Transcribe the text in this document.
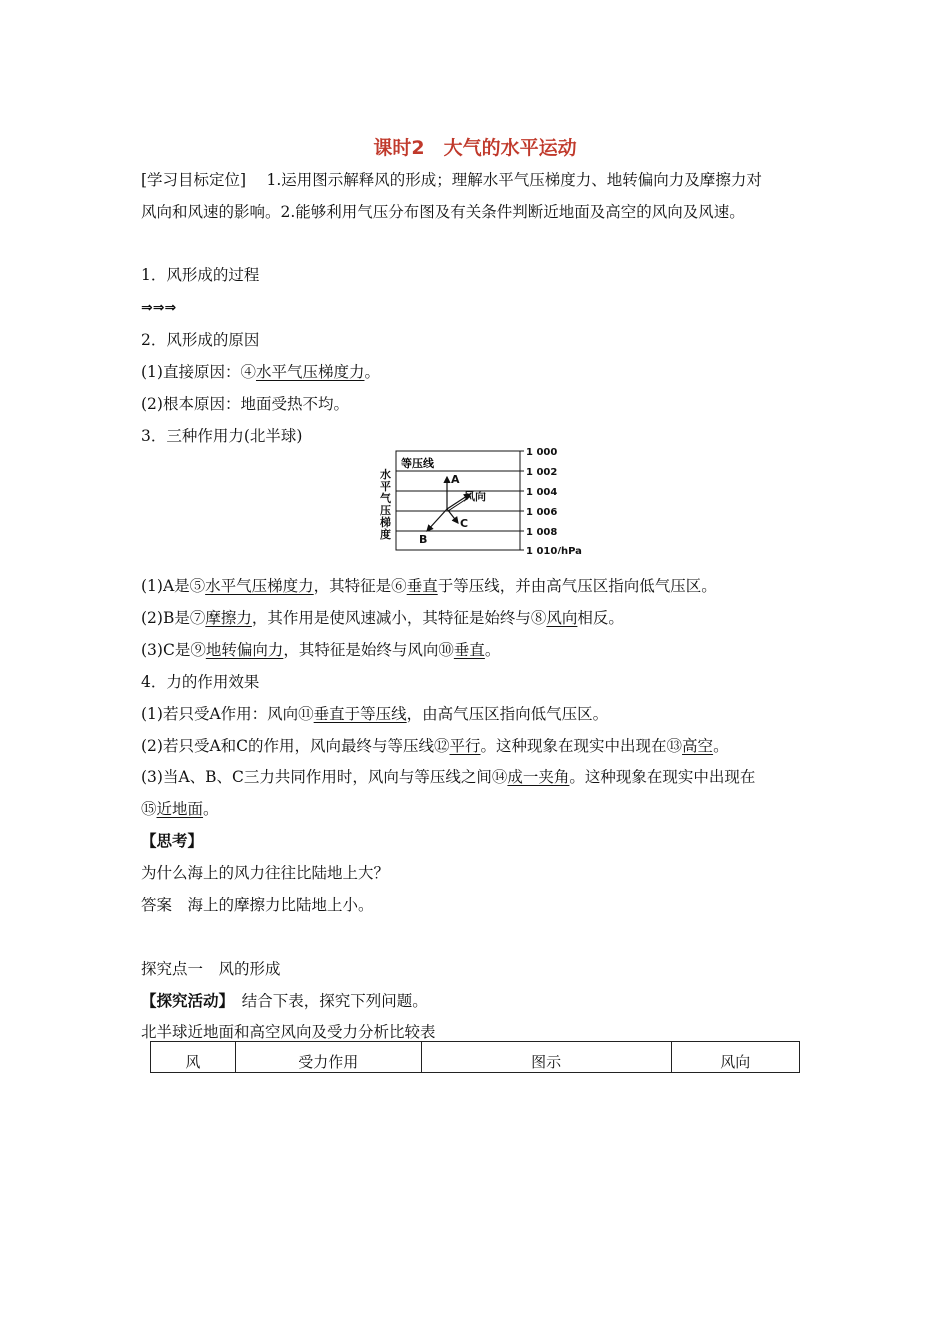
课时2　大气的水平运动
[学习目标定位]　 1.运用图示解释风的形成；理解水平气压梯度力、地转偏向力及摩擦力对
风向和风速的影响。2.能够利用气压分布图及有关条件判断近地面及高空的风向及风速。
1．风形成的过程
⇒⇒⇒
2．风形成的原因
(1)直接原因：④水平气压梯度力。
(2)根本原因：地面受热不均。
3．三种作用力(北半球)
等压线
1 000
1 002
1 004
1 006
1 008
1 010/hPa
水
平
气
压
梯
度
A
风向
C
B
(1)A是⑤水平气压梯度力，其特征是⑥垂直于等压线，并由高气压区指向低气压区。
(2)B是⑦摩擦力，其作用是使风速减小，其特征是始终与⑧风向相反。
(3)C是⑨地转偏向力，其特征是始终与风向⑩垂直。
4．力的作用效果
(1)若只受A作用：风向⑪垂直于等压线，由高气压区指向低气压区。
(2)若只受A和C的作用，风向最终与等压线⑫平行。这种现象在现实中出现在⑬高空。
(3)当A、B、C三力共同作用时，风向与等压线之间⑭成一夹角。这种现象在现实中出现在
⑮近地面。
【思考】
为什么海上的风力往往比陆地上大？
答案　海上的摩擦力比陆地上小。
探究点一　风的形成
【探究活动】　结合下表，探究下列问题。
北半球近地面和高空风向及受力分析比较表
风	受力作用	图示	风向
